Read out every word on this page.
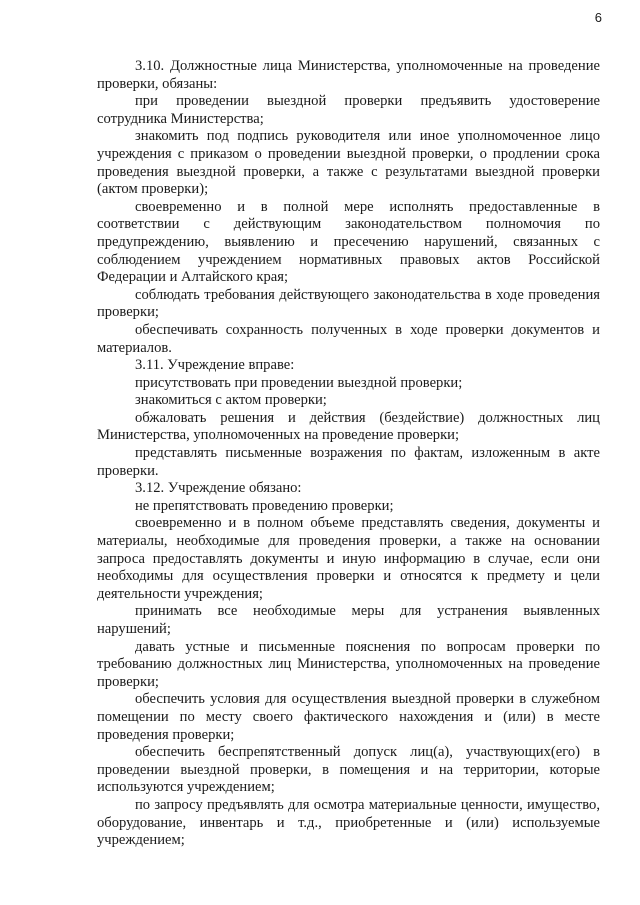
6

3.10. Должностные лица Министерства, уполномоченные на проведение проверки, обязаны:

при проведении выездной проверки предъявить удостоверение сотрудника Министерства;

знакомить под подпись руководителя или иное уполномоченное лицо учреждения с приказом о проведении выездной проверки, о продлении срока проведения выездной проверки, а также с результатами выездной проверки (актом проверки);

своевременно и в полной мере исполнять предоставленные в соответствии с действующим законодательством полномочия по предупреждению, выявлению и пресечению нарушений, связанных с соблюдением учреждением нормативных правовых актов Российской Федерации и Алтайского края;

соблюдать требования действующего законодательства в ходе проведения проверки;

обеспечивать сохранность полученных в ходе проверки документов и материалов.

3.11. Учреждение вправе:

присутствовать при проведении выездной проверки;

знакомиться с актом проверки;

обжаловать решения и действия (бездействие) должностных лиц Министерства, уполномоченных на проведение проверки;

представлять письменные возражения по фактам, изложенным в акте проверки.

3.12. Учреждение обязано:

не препятствовать проведению проверки;

своевременно и в полном объеме представлять сведения, документы и материалы, необходимые для проведения проверки, а также на основании запроса предоставлять документы и иную информацию в случае, если они необходимы для осуществления проверки и относятся к предмету и цели деятельности учреждения;

принимать все необходимые меры для устранения выявленных нарушений;

давать устные и письменные пояснения по вопросам проверки по требованию должностных лиц Министерства, уполномоченных на проведение проверки;

обеспечить условия для осуществления выездной проверки в служебном помещении по месту своего фактического нахождения и (или) в месте проведения проверки;

обеспечить беспрепятственный допуск лиц(а), участвующих(его) в проведении выездной проверки, в помещения и на территории, которые используются учреждением;

по запросу предъявлять для осмотра материальные ценности, имущество, оборудование, инвентарь и т.д., приобретенные и (или) используемые учреждением;
